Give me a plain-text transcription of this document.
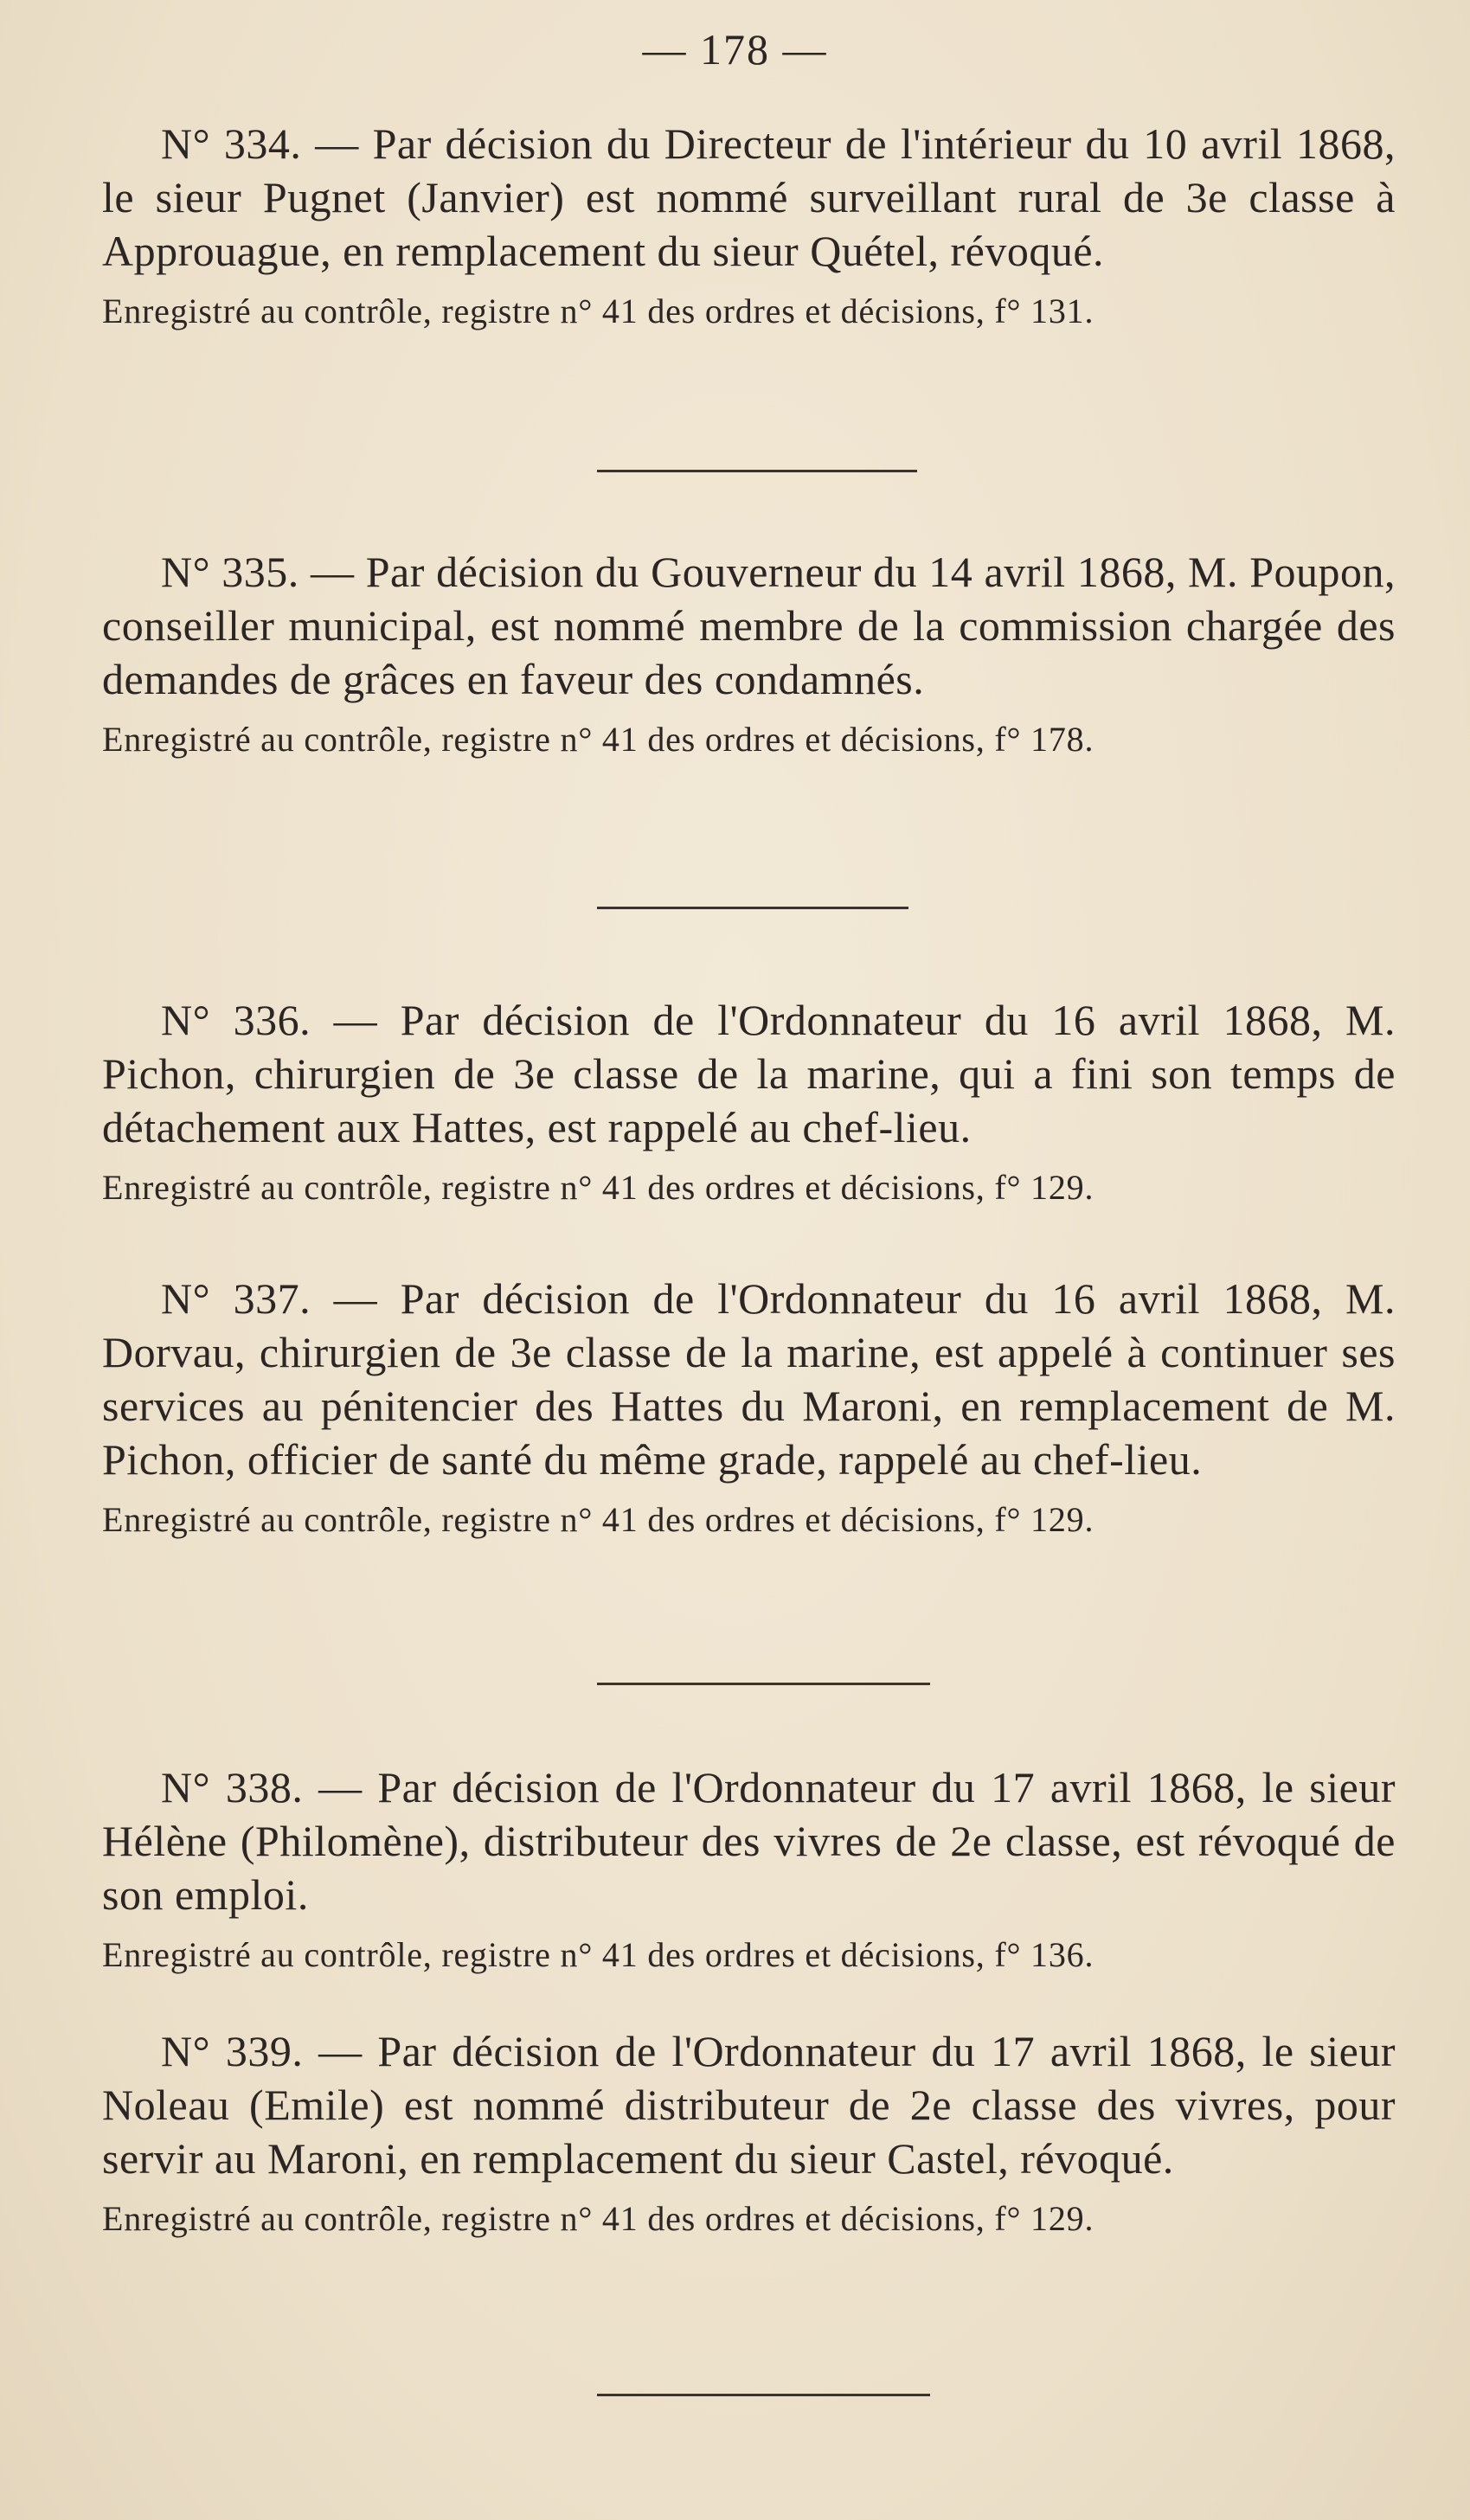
— 178 —

N° 334. — Par décision du Directeur de l'intérieur du 10 avril 1868, le sieur Pugnet (Janvier) est nommé surveillant rural de 3e classe à Approuague, en remplacement du sieur Quétel, révoqué.

Enregistré au contrôle, registre n° 41 des ordres et décisions, f° 131.

N° 335. — Par décision du Gouverneur du 14 avril 1868, M. Poupon, conseiller municipal, est nommé membre de la commission chargée des demandes de grâces en faveur des condamnés.

Enregistré au contrôle, registre n° 41 des ordres et décisions, f° 178.

N° 336. — Par décision de l'Ordonnateur du 16 avril 1868, M. Pichon, chirurgien de 3e classe de la marine, qui a fini son temps de détachement aux Hattes, est rappelé au chef-lieu.

Enregistré au contrôle, registre n° 41 des ordres et décisions, f° 129.

N° 337. — Par décision de l'Ordonnateur du 16 avril 1868, M. Dorvau, chirurgien de 3e classe de la marine, est appelé à continuer ses services au pénitencier des Hattes du Maroni, en remplacement de M. Pichon, officier de santé du même grade, rappelé au chef-lieu.

Enregistré au contrôle, registre n° 41 des ordres et décisions, f° 129.

N° 338. — Par décision de l'Ordonnateur du 17 avril 1868, le sieur Hélène (Philomène), distributeur des vivres de 2e classe, est révoqué de son emploi.

Enregistré au contrôle, registre n° 41 des ordres et décisions, f° 136.

N° 339. — Par décision de l'Ordonnateur du 17 avril 1868, le sieur Noleau (Emile) est nommé distributeur de 2e classe des vivres, pour servir au Maroni, en remplacement du sieur Castel, révoqué.

Enregistré au contrôle, registre n° 41 des ordres et décisions, f° 129.
